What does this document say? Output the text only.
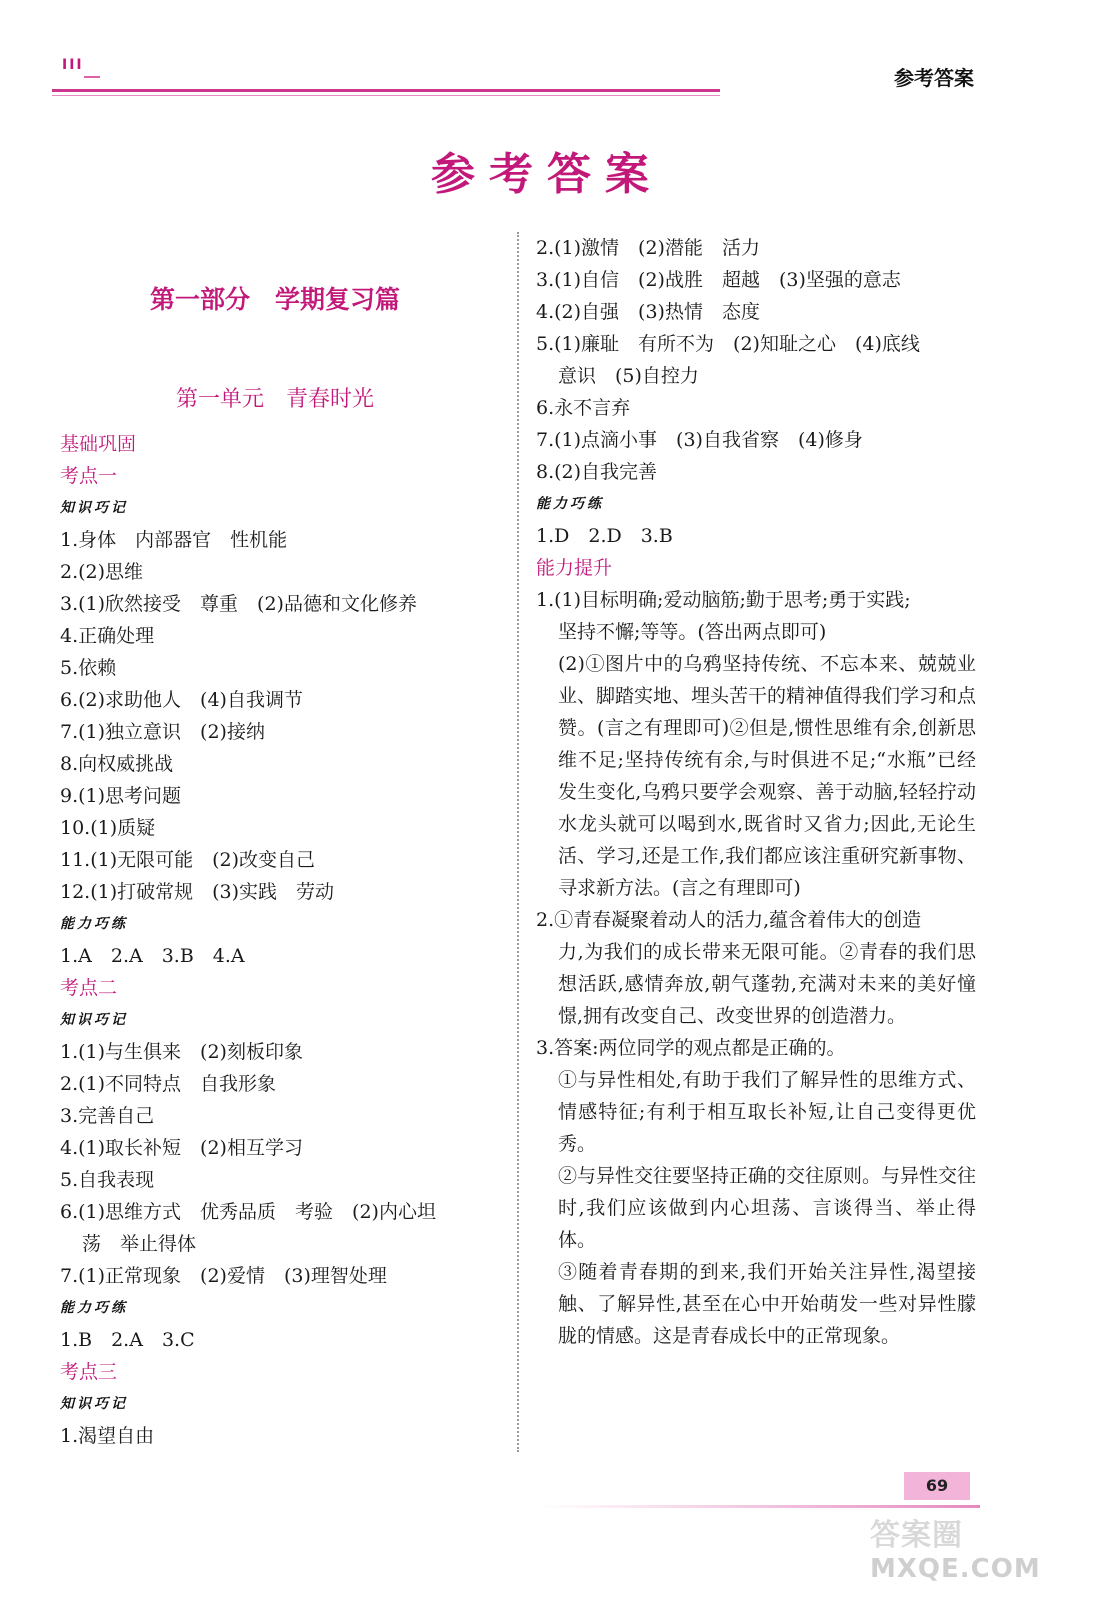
III
参考答案
参考答案
第一部分　学期复习篇
第一单元　青春时光
基础巩固
考点一
知识巧记
1.身体　内部器官　性机能
2.(2)思维
3.(1)欣然接受　尊重　(2)品德和文化修养
4.正确处理
5.依赖
6.(2)求助他人　(4)自我调节
7.(1)独立意识　(2)接纳
8.向权威挑战
9.(1)思考问题
10.(1)质疑
11.(1)无限可能　(2)改变自己
12.(1)打破常规　(3)实践　劳动
能力巧练
1.A　2.A　3.B　4.A
考点二
知识巧记
1.(1)与生俱来　(2)刻板印象
2.(1)不同特点　自我形象
3.完善自己
4.(1)取长补短　(2)相互学习
5.自我表现
6.(1)思维方式　优秀品质　考验　(2)内心坦
荡　举止得体
7.(1)正常现象　(2)爱情　(3)理智处理
能力巧练
1.B　2.A　3.C
考点三
知识巧记
1.渴望自由
2.(1)激情　(2)潜能　活力
3.(1)自信　(2)战胜　超越　(3)坚强的意志
4.(2)自强　(3)热情　态度
5.(1)廉耻　有所不为　(2)知耻之心　(4)底线
意识　(5)自控力
6.永不言弃
7.(1)点滴小事　(3)自我省察　(4)修身
8.(2)自我完善
能力巧练
1.D　2.D　3.B
能力提升
1.(1)目标明确;爱动脑筋;勤于思考;勇于实践;
坚持不懈;等等。(答出两点即可)
(2)①图片中的乌鸦坚持传统、不忘本来、兢兢业业、脚踏实地、埋头苦干的精神值得我们学习和点赞。(言之有理即可)②但是,惯性思维有余,创新思维不足;坚持传统有余,与时俱进不足;“水瓶”已经发生变化,乌鸦只要学会观察、善于动脑,轻轻拧动水龙头就可以喝到水,既省时又省力;因此,无论生活、学习,还是工作,我们都应该注重研究新事物、寻求新方法。(言之有理即可)
2.①青春凝聚着动人的活力,蕴含着伟大的创造
力,为我们的成长带来无限可能。②青春的我们思想活跃,感情奔放,朝气蓬勃,充满对未来的美好憧憬,拥有改变自己、改变世界的创造潜力。
3.答案:两位同学的观点都是正确的。
①与异性相处,有助于我们了解异性的思维方式、情感特征;有利于相互取长补短,让自己变得更优秀。
②与异性交往要坚持正确的交往原则。与异性交往时,我们应该做到内心坦荡、言谈得当、举止得体。
③随着青春期的到来,我们开始关注异性,渴望接触、了解异性,甚至在心中开始萌发一些对异性朦胧的情感。这是青春成长中的正常现象。
69
答案圈
MXQE.COM
